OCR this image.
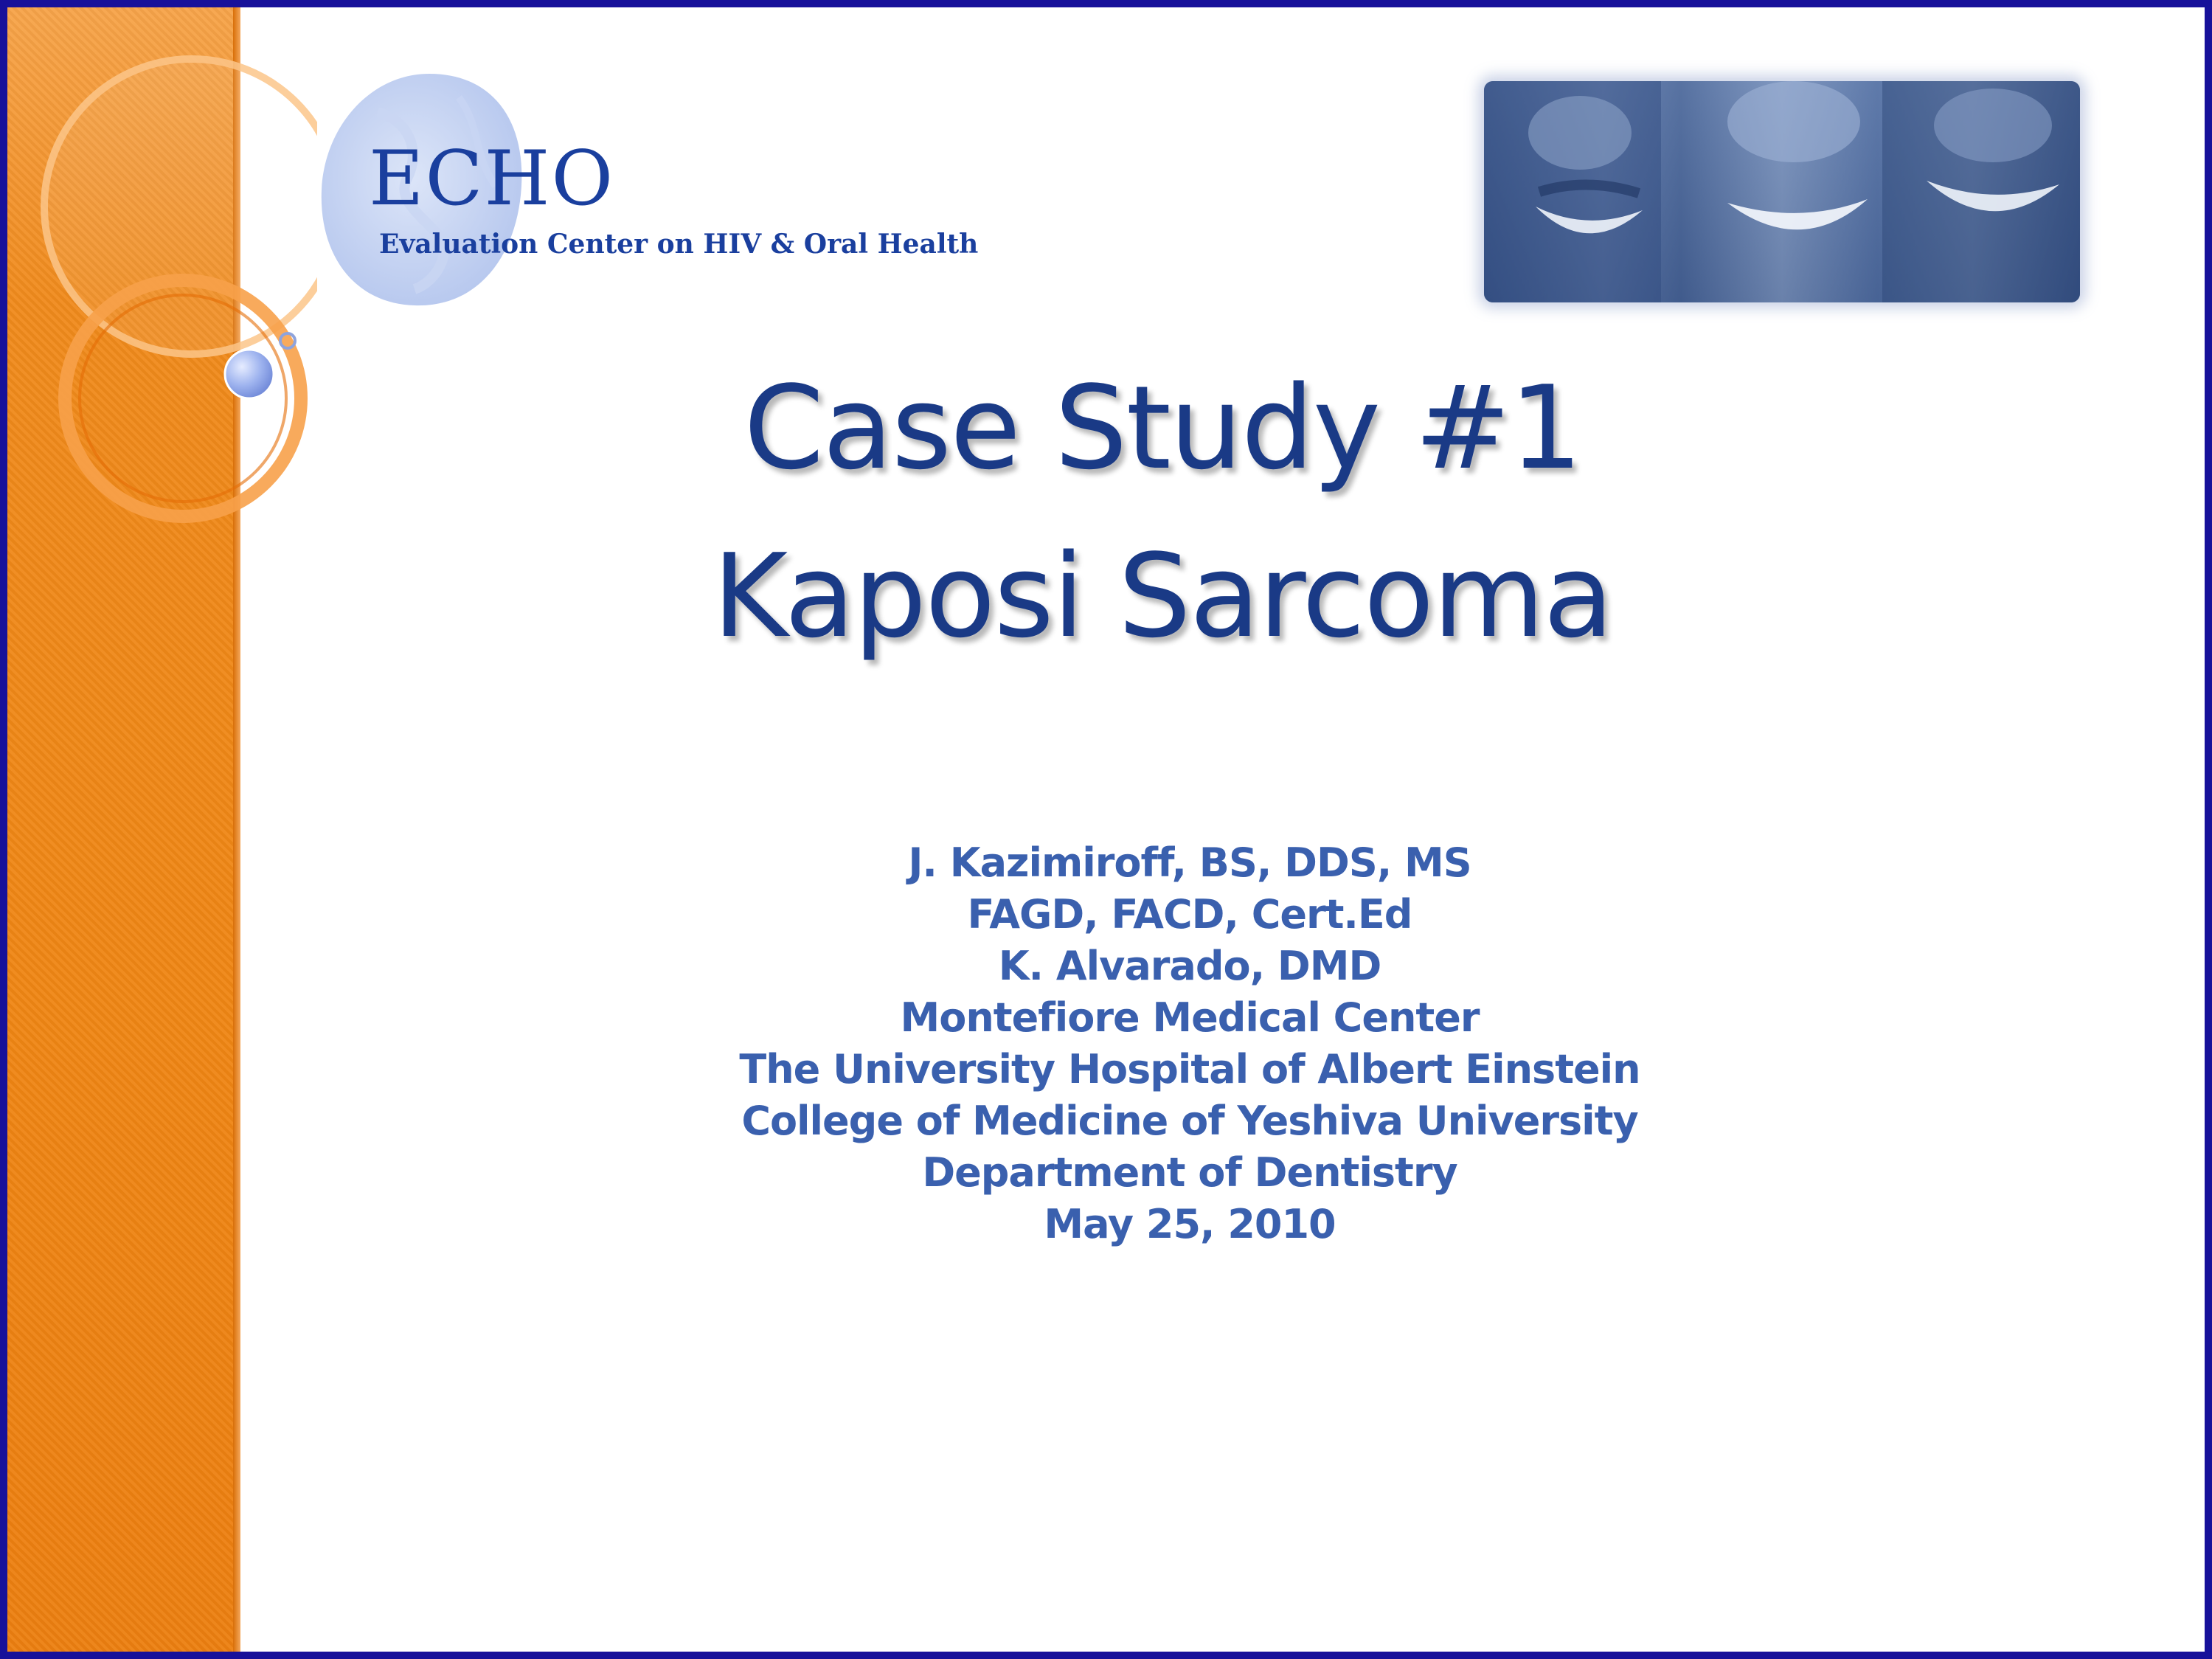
ECHO
Evaluation Center on HIV & Oral Health
Case Study #1
Kaposi Sarcoma
J. Kazimiroff, BS, DDS, MS
FAGD, FACD, Cert.Ed
K. Alvarado, DMD
Montefiore Medical Center
The University Hospital of Albert Einstein
College of Medicine of Yeshiva University
Department of Dentistry
May 25, 2010
